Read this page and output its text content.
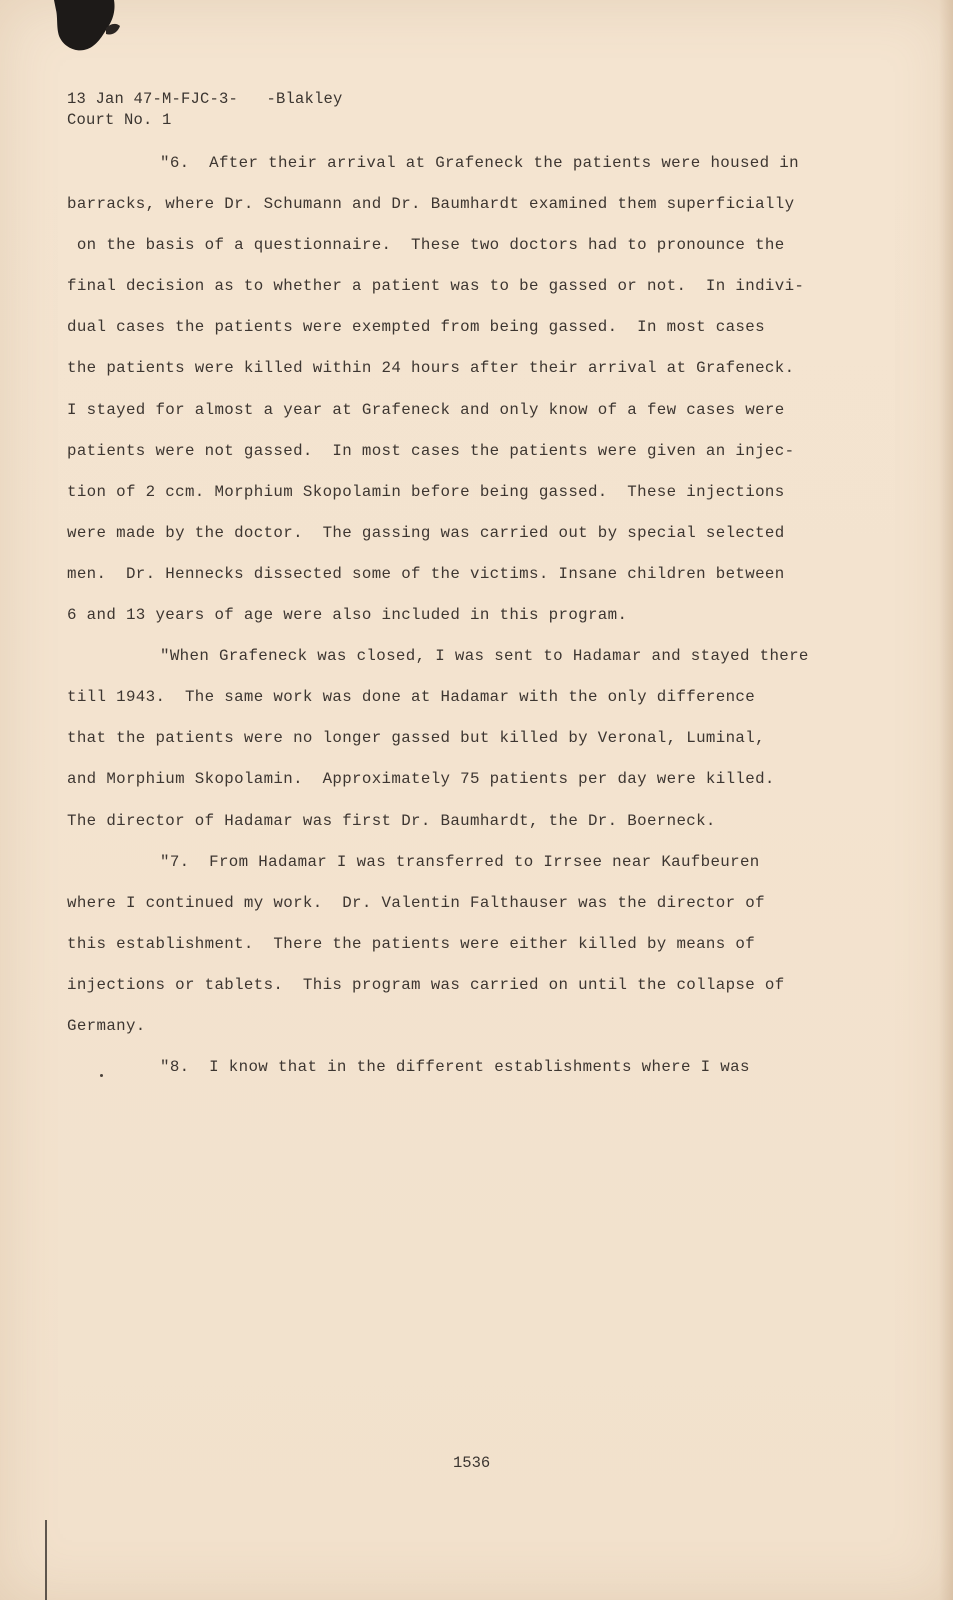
13 Jan 47-M-FJC-3-   -Blakley
Court No. 1
"6.  After their arrival at Grafeneck the patients were housed in
barracks, where Dr. Schumann and Dr. Baumhardt examined them superficially
on the basis of a questionnaire.  These two doctors had to pronounce the
final decision as to whether a patient was to be gassed or not.  In indivi-
dual cases the patients were exempted from being gassed.  In most cases
the patients were killed within 24 hours after their arrival at Grafeneck.
I stayed for almost a year at Grafeneck and only know of a few cases were
patients were not gassed.  In most cases the patients were given an injec-
tion of 2 ccm. Morphium Skopolamin before being gassed.  These injections
were made by the doctor.  The gassing was carried out by special selected
men.  Dr. Hennecks dissected some of the victims. Insane children between
6 and 13 years of age were also included in this program.
"When Grafeneck was closed, I was sent to Hadamar and stayed there
till 1943.  The same work was done at Hadamar with the only difference
that the patients were no longer gassed but killed by Veronal, Luminal,
and Morphium Skopolamin.  Approximately 75 patients per day were killed.
The director of Hadamar was first Dr. Baumhardt, the Dr. Boerneck.
"7.  From Hadamar I was transferred to Irrsee near Kaufbeuren
where I continued my work.  Dr. Valentin Falthauser was the director of
this establishment.  There the patients were either killed by means of
injections or tablets.  This program was carried on until the collapse of
Germany.
"8.  I know that in the different establishments where I was
1536
